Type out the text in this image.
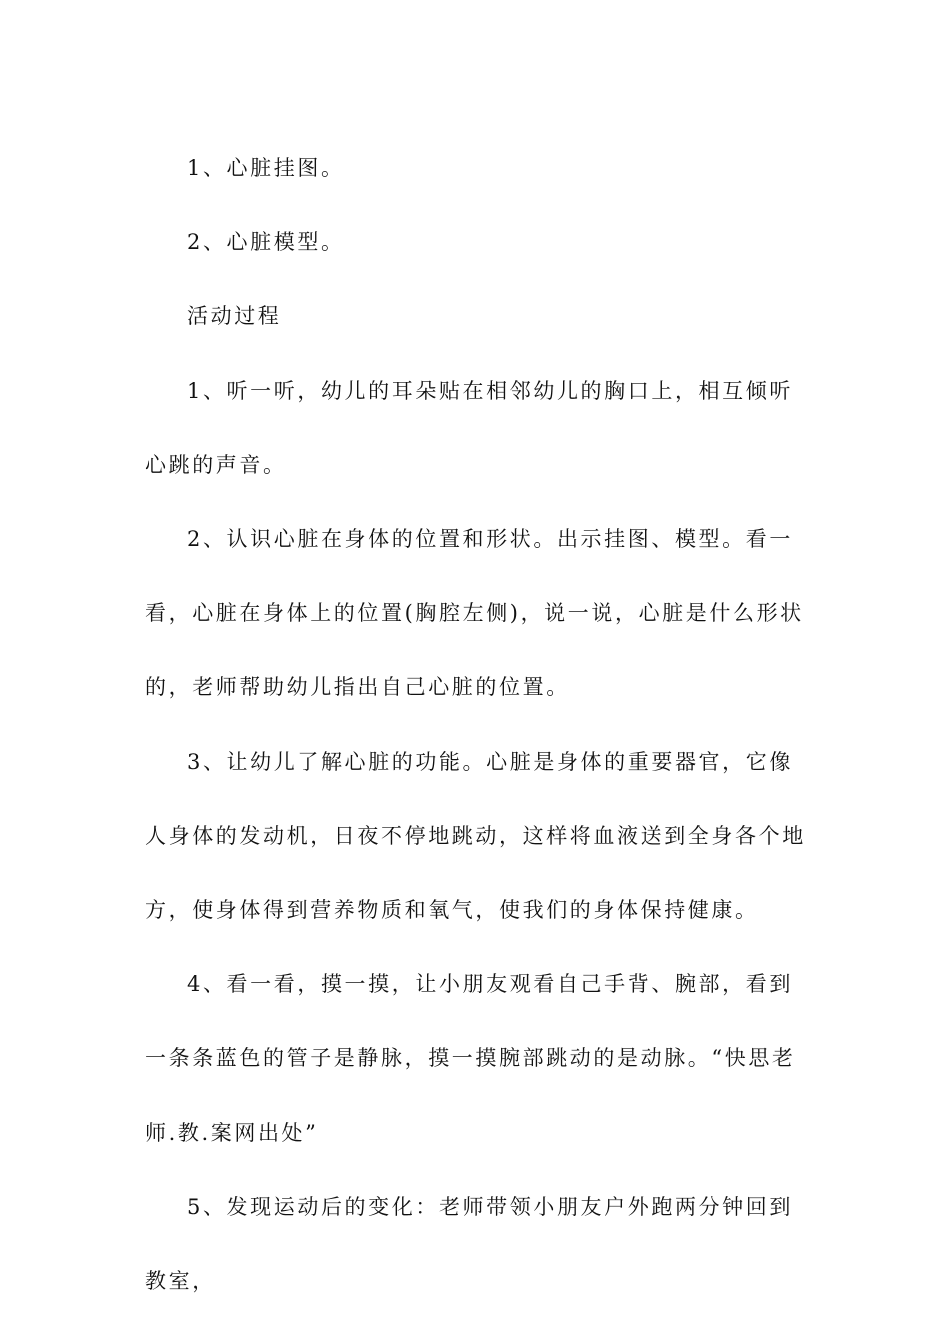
1、心脏挂图。

2、心脏模型。

活动过程

1、听一听，幼儿的耳朵贴在相邻幼儿的胸口上，相互倾听心跳的声音。

2、认识心脏在身体的位置和形状。出示挂图、模型。看一看，心脏在身体上的位置(胸腔左侧)，说一说，心脏是什么形状的，老师帮助幼儿指出自己心脏的位置。

3、让幼儿了解心脏的功能。心脏是身体的重要器官，它像人身体的发动机，日夜不停地跳动，这样将血液送到全身各个地方，使身体得到营养物质和氧气，使我们的身体保持健康。

4、看一看，摸一摸，让小朋友观看自己手背、腕部，看到一条条蓝色的管子是静脉，摸一摸腕部跳动的是动脉。“快思老师.教.案网出处”

5、发现运动后的变化：老师带领小朋友户外跑两分钟回到教室，
